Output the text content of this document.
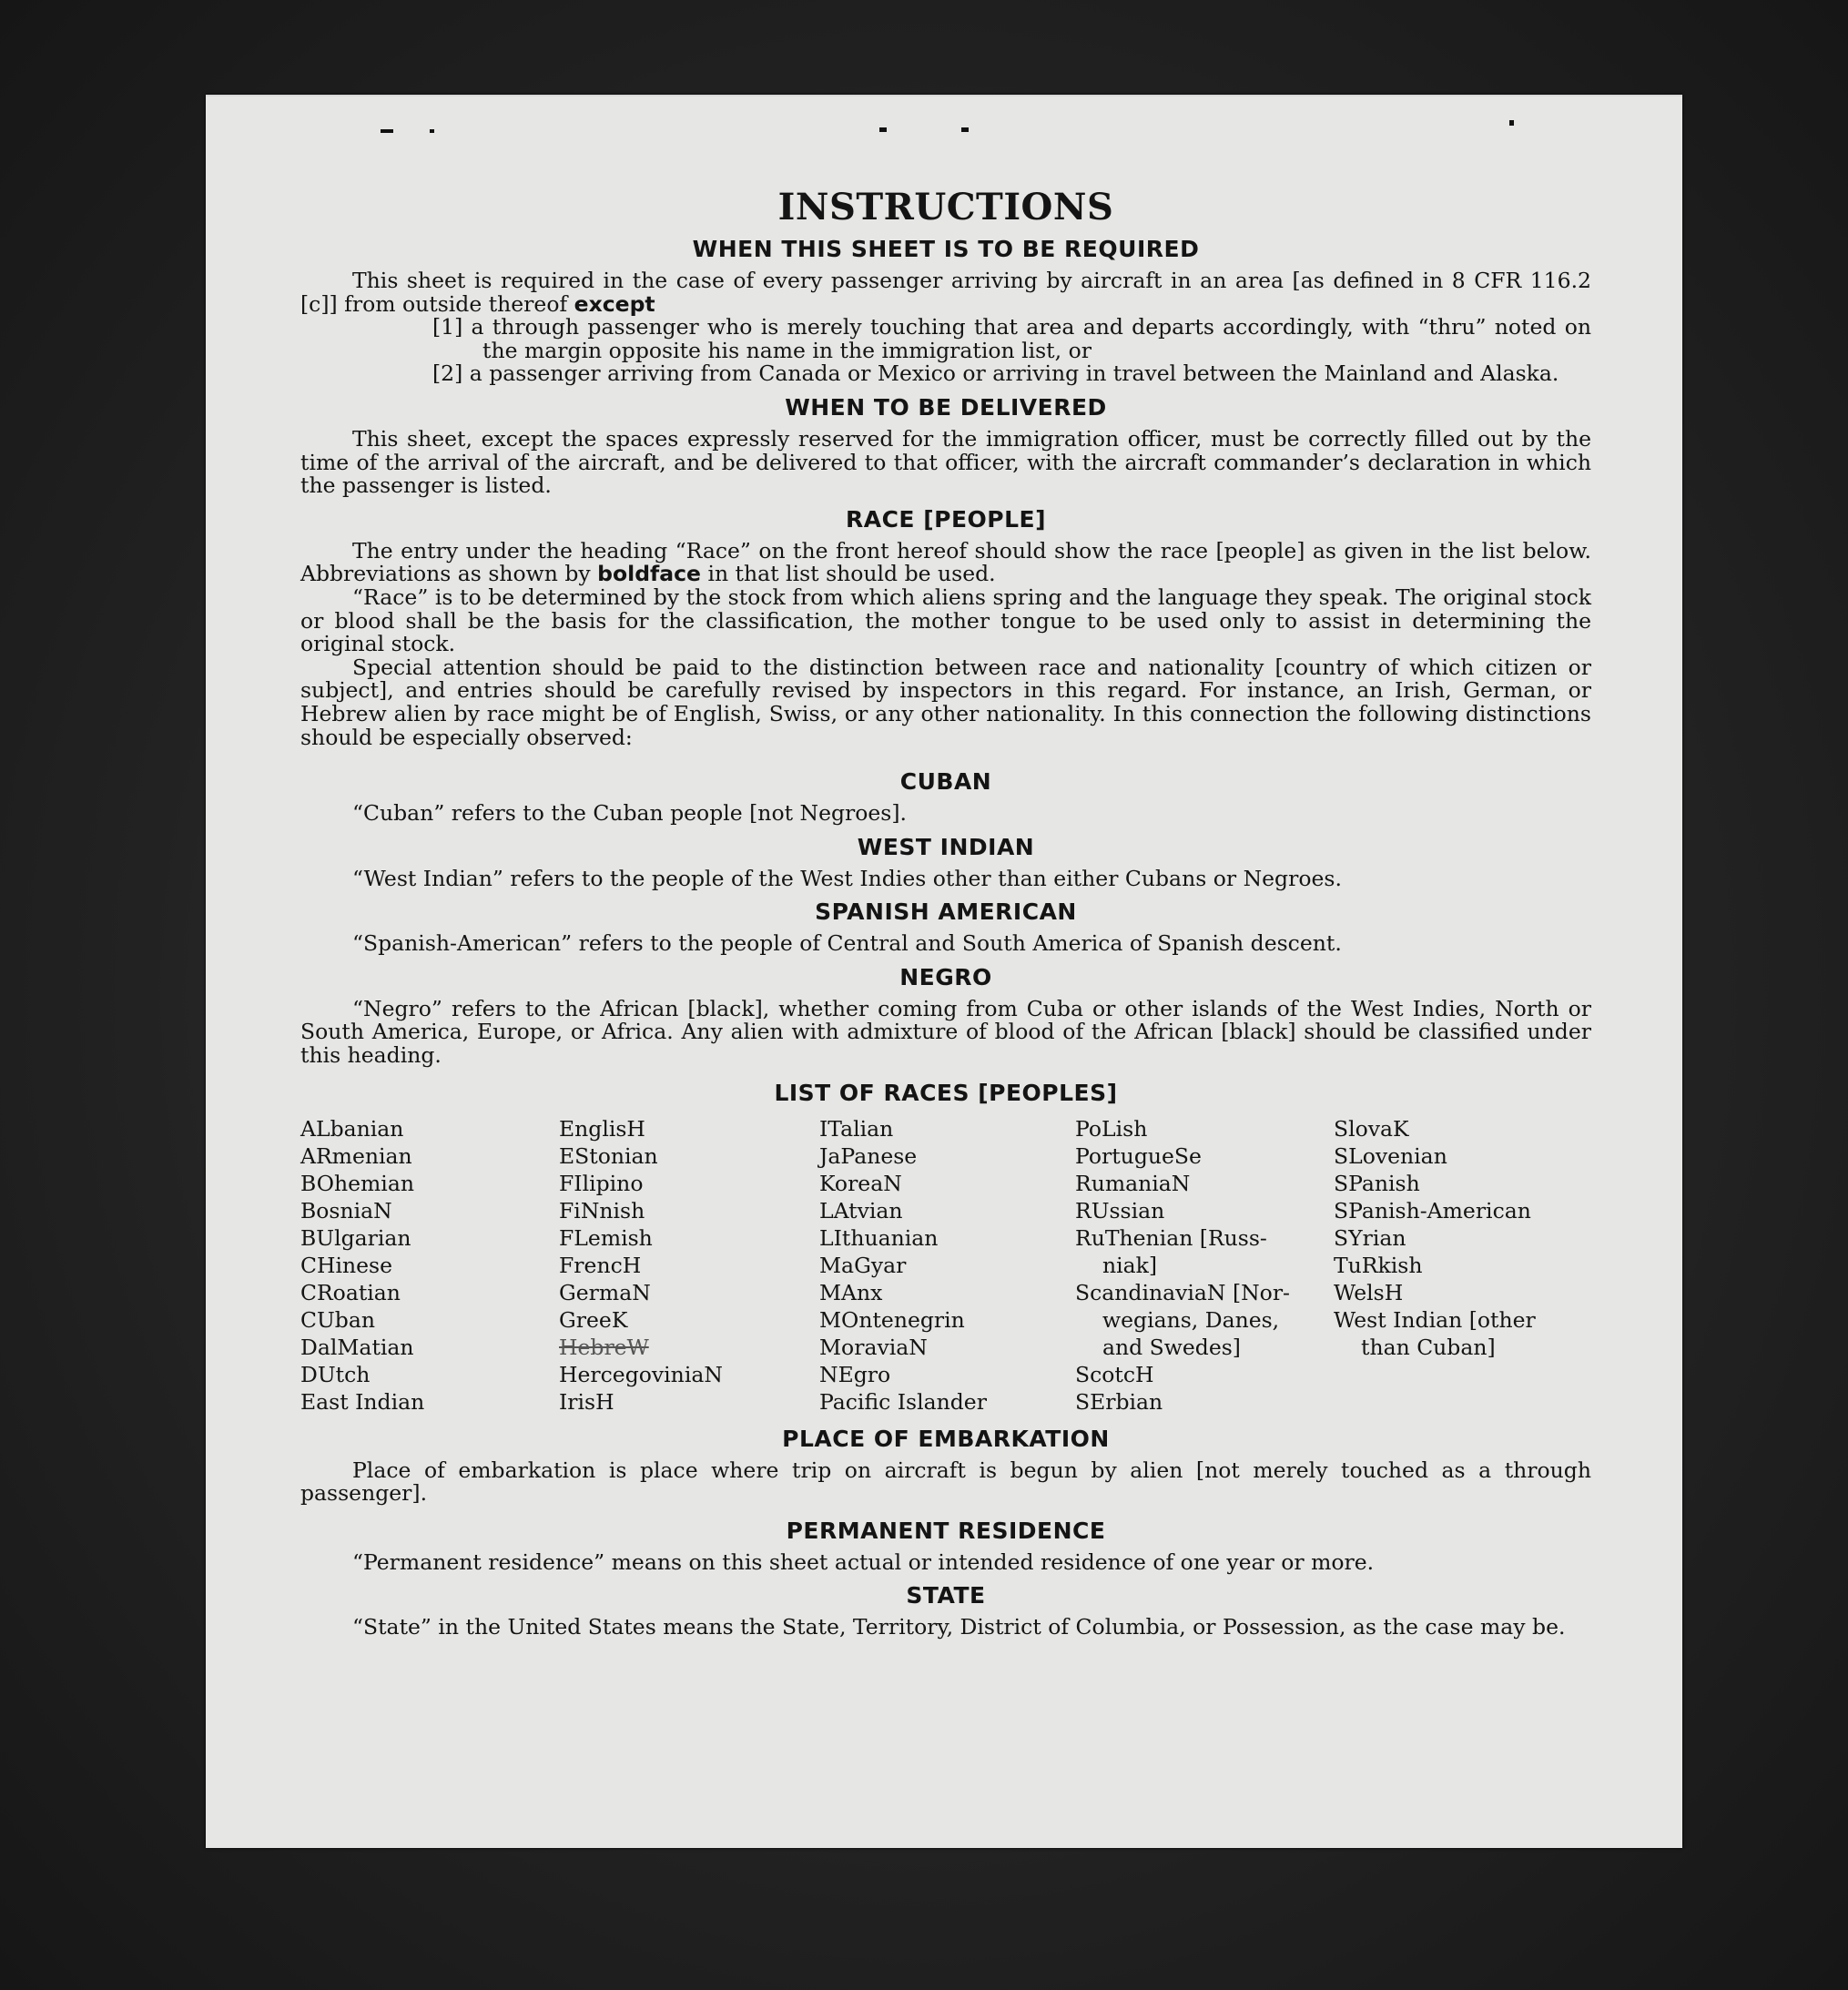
INSTRUCTIONS
WHEN THIS SHEET IS TO BE REQUIRED

This sheet is required in the case of every passenger arriving by aircraft in an area [as defined in 8 CFR 116.2 [c]] from outside thereof except

[1] a through passenger who is merely touching that area and departs accordingly, with “thru” noted on the margin opposite his name in the immigration list, or

[2] a passenger arriving from Canada or Mexico or arriving in travel between the Mainland and Alaska.

WHEN TO BE DELIVERED

This sheet, except the spaces expressly reserved for the immigration officer, must be correctly filled out by the time of the arrival of the aircraft, and be delivered to that officer, with the aircraft commander’s declaration in which the passenger is listed.

RACE [PEOPLE]

The entry under the heading “Race” on the front hereof should show the race [people] as given in the list below. Abbreviations as shown by boldface in that list should be used.

“Race” is to be determined by the stock from which aliens spring and the language they speak. The original stock or blood shall be the basis for the classification, the mother tongue to be used only to assist in determining the original stock.

Special attention should be paid to the distinction between race and nationality [country of which citizen or subject], and entries should be carefully revised by inspectors in this regard. For instance, an Irish, German, or Hebrew alien by race might be of English, Swiss, or any other nationality. In this connection the following distinctions should be especially observed:

CUBAN

“Cuban” refers to the Cuban people [not Negroes].

WEST INDIAN

“West Indian” refers to the people of the West Indies other than either Cubans or Negroes.

SPANISH AMERICAN

“Spanish-American” refers to the people of Central and South America of Spanish descent.

NEGRO

“Negro” refers to the African [black], whether coming from Cuba or other islands of the West Indies, North or South America, Europe, or Africa. Any alien with admixture of blood of the African [black] should be classified under this heading.

LIST OF RACES [PEOPLES]
ALbanian
ARmenian
BOhemian
BosniaN
BUlgarian
CHinese
CRoatian
CUban
DalMatian
DUtch
East Indian
EnglisH
EStonian
FIlipino
FiNnish
FLemish
FrencH
GermaN
GreeK
HebreW
HercegoviniaN
IrisH
ITalian
JaPanese
KoreaN
LAtvian
LIthuanian
MaGyar
MAnx
MOntenegrin
MoraviaN
NEgro
Pacific Islander
PoLish
PortugueSe
RumaniaN
RUssian
RuThenian [Russ-
niak]
ScandinaviaN [Nor-
wegians, Danes,
and Swedes]
ScotcH
SErbian
SlovaK
SLovenian
SPanish
SPanish-American
SYrian
TuRkish
WelsH
West Indian [other
than Cuban]
PLACE OF EMBARKATION

Place of embarkation is place where trip on aircraft is begun by alien [not merely touched as a through passenger].

PERMANENT RESIDENCE

“Permanent residence” means on this sheet actual or intended residence of one year or more.

STATE

“State” in the United States means the State, Territory, District of Columbia, or Possession, as the case may be.
